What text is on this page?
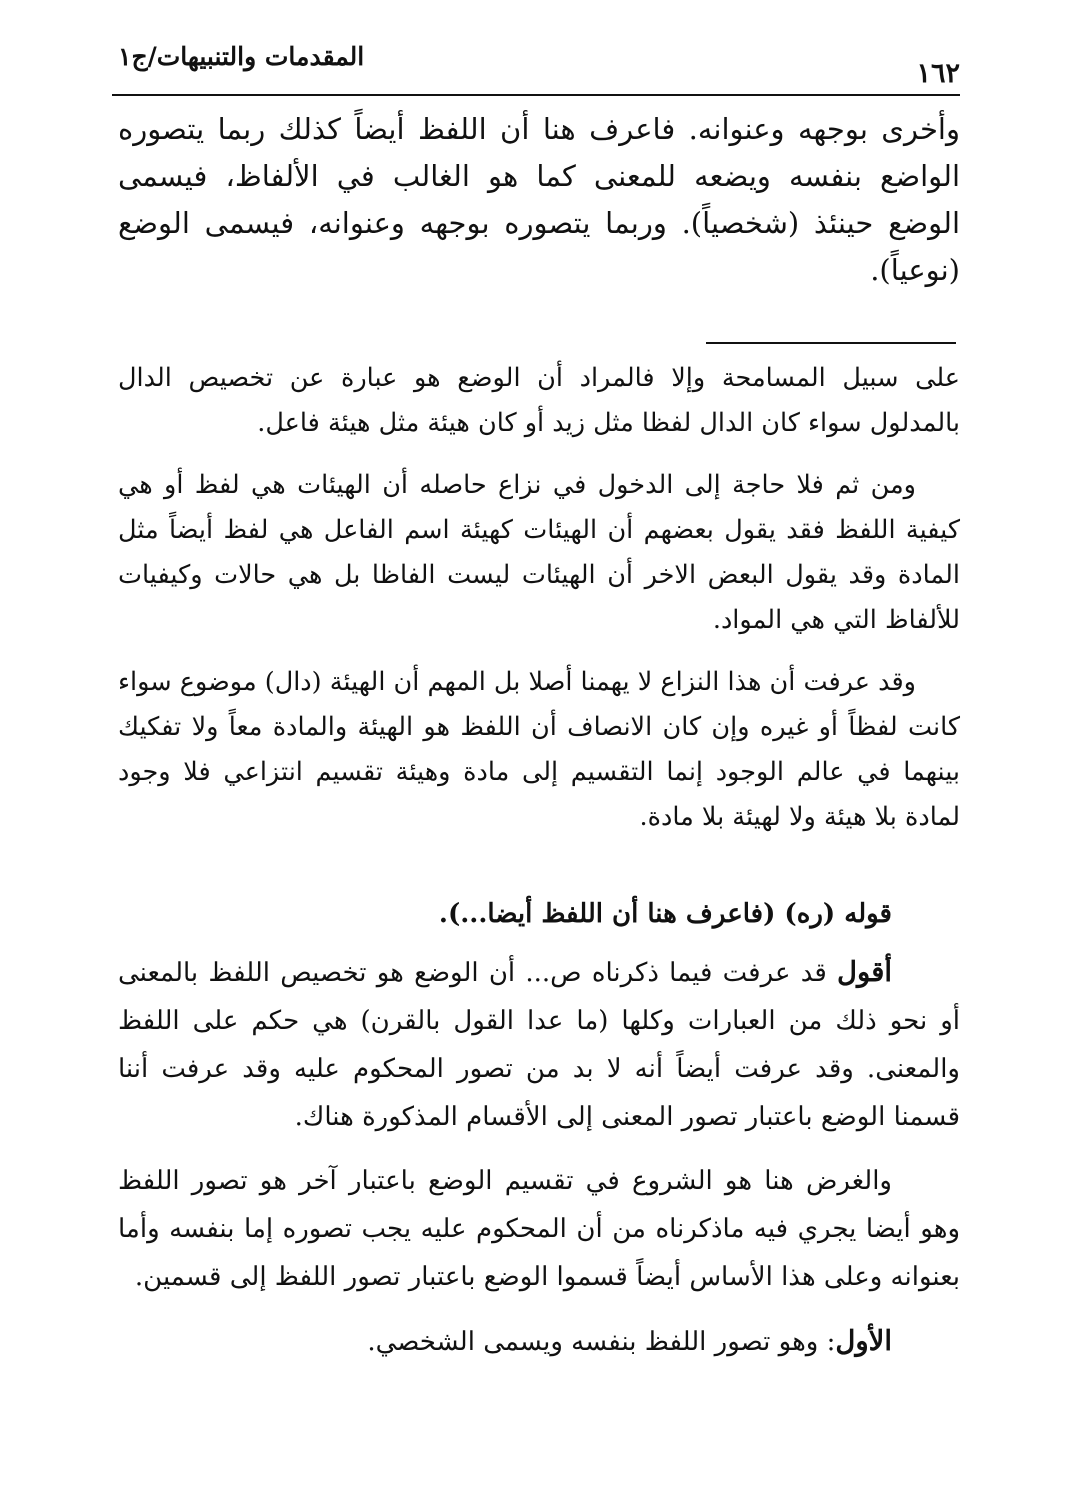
المقدمات والتنبيهات/ج١
١٦٢

وأخرى بوجهه وعنوانه. فاعرف هنا أن اللفظ أيضاً كذلك ربما يتصوره الواضع بنفسه ويضعه للمعنى كما هو الغالب في الألفاظ، فيسمى الوضع حينئذ (شخصياً). وربما يتصوره بوجهه وعنوانه، فيسمى الوضع (نوعياً).

على سبيل المسامحة وإلا فالمراد أن الوضع هو عبارة عن تخصيص الدال بالمدلول سواء كان الدال لفظا مثل زيد أو كان هيئة مثل هيئة فاعل.

ومن ثم فلا حاجة إلى الدخول في نزاع حاصله أن الهيئات هي لفظ أو هي كيفية اللفظ فقد يقول بعضهم أن الهيئات كهيئة اسم الفاعل هي لفظ أيضاً مثل المادة وقد يقول البعض الاخر أن الهيئات ليست الفاظا بل هي حالات وكيفيات للألفاظ التي هي المواد.

وقد عرفت أن هذا النزاع لا يهمنا أصلا بل المهم أن الهيئة (دال) موضوع سواء كانت لفظاً أو غيره وإن كان الانصاف أن اللفظ هو الهيئة والمادة معاً ولا تفكيك بينهما في عالم الوجود إنما التقسيم إلى مادة وهيئة تقسيم انتزاعي فلا وجود لمادة بلا هيئة ولا لهيئة بلا مادة.

قوله (ره) (فاعرف هنا أن اللفظ أيضا...).

أقول قد عرفت فيما ذكرناه ص... أن الوضع هو تخصيص اللفظ بالمعنى أو نحو ذلك من العبارات وكلها (ما عدا القول بالقرن) هي حكم على اللفظ والمعنى. وقد عرفت أيضاً أنه لا بد من تصور المحكوم عليه وقد عرفت أننا قسمنا الوضع باعتبار تصور المعنى إلى الأقسام المذكورة هناك.

والغرض هنا هو الشروع في تقسيم الوضع باعتبار آخر هو تصور اللفظ وهو أيضا يجري فيه ماذكرناه من أن المحكوم عليه يجب تصوره إما بنفسه وأما بعنوانه وعلى هذا الأساس أيضاً قسموا الوضع باعتبار تصور اللفظ إلى قسمين.

الأول: وهو تصور اللفظ بنفسه ويسمى الشخصي.
